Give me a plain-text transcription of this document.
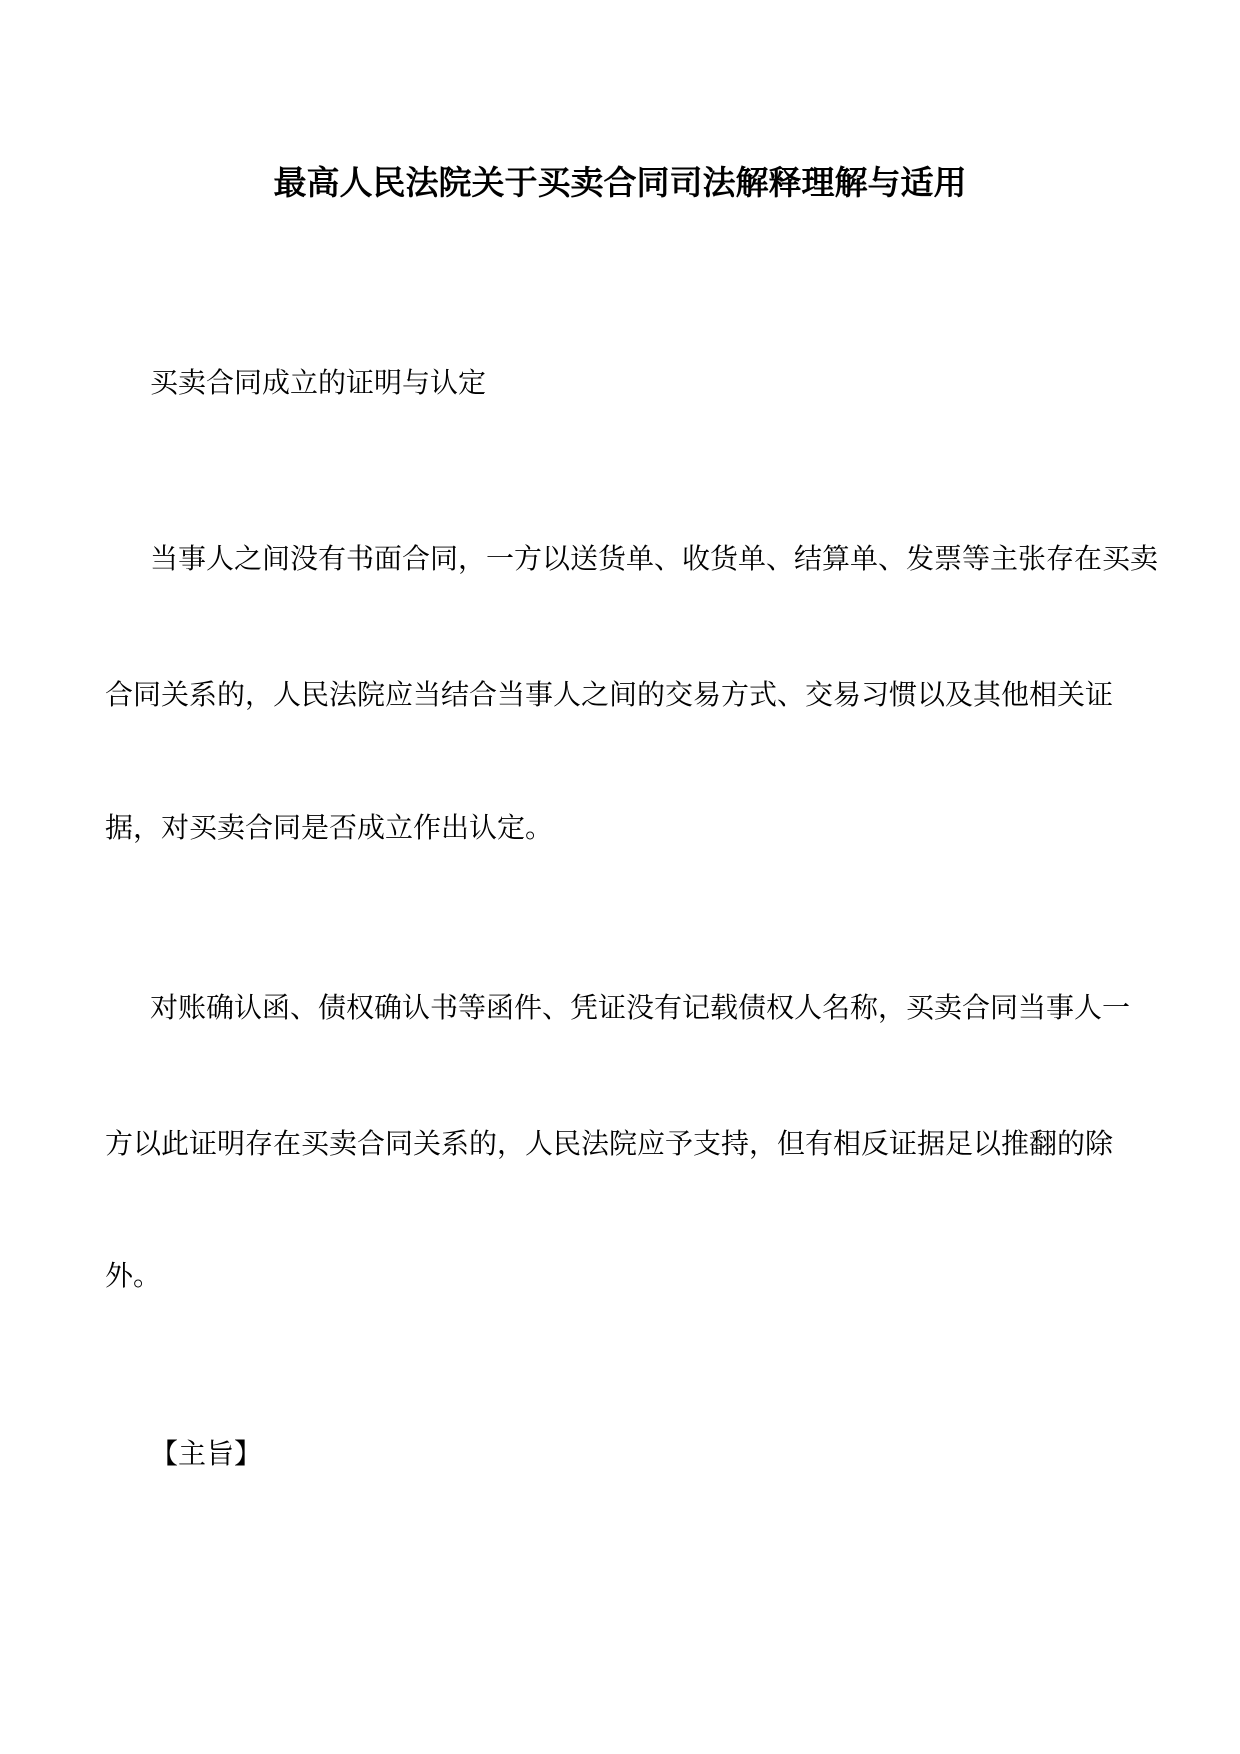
最高人民法院关于买卖合同司法解释理解与适用
买卖合同成立的证明与认定
当事人之间没有书面合同，一方以送货单、收货单、结算单、发票等主张存在买卖
合同关系的，人民法院应当结合当事人之间的交易方式、交易习惯以及其他相关证
据，对买卖合同是否成立作出认定。
对账确认函、债权确认书等函件、凭证没有记载债权人名称，买卖合同当事人一
方以此证明存在买卖合同关系的，人民法院应予支持，但有相反证据足以推翻的除
外。
【主旨】
